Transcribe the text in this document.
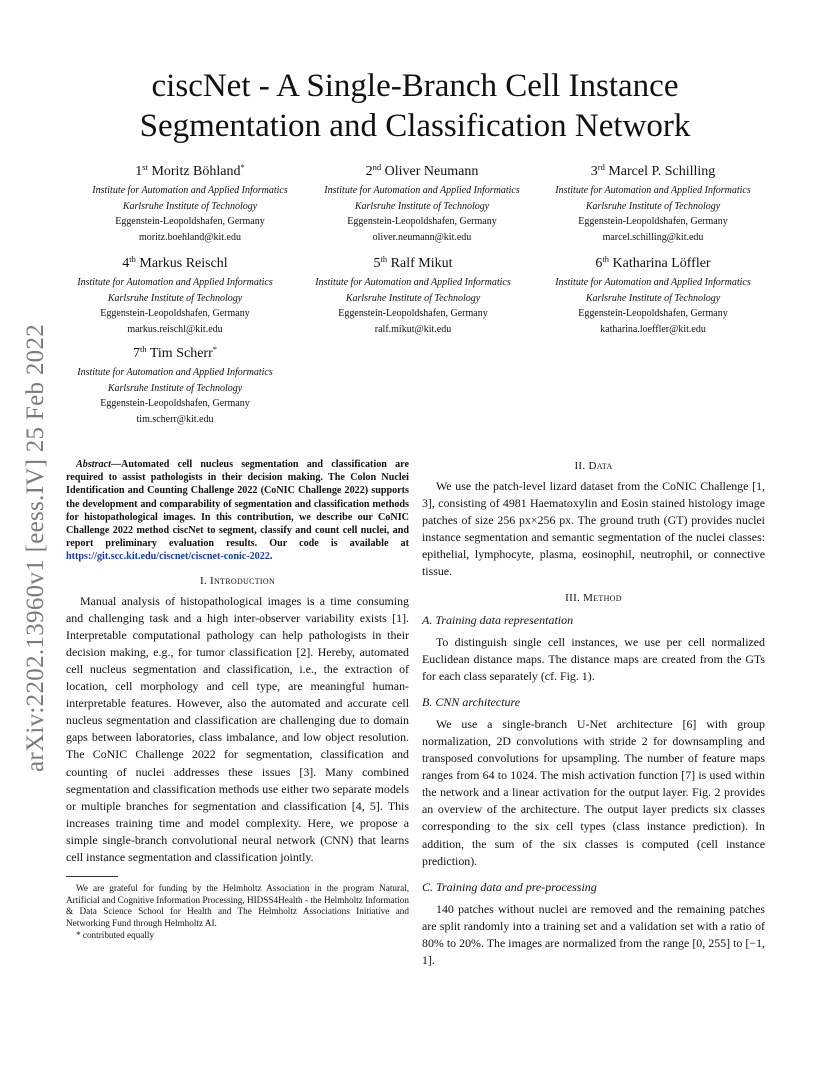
arXiv:2202.13960v1 [eess.IV] 25 Feb 2022
ciscNet - A Single-Branch Cell Instance
Segmentation and Classification Network
1st Moritz Böhland*
Institute for Automation and Applied Informatics
Karlsruhe Institute of Technology
Eggenstein-Leopoldshafen, Germany
moritz.boehland@kit.edu
2nd Oliver Neumann
Institute for Automation and Applied Informatics
Karlsruhe Institute of Technology
Eggenstein-Leopoldshafen, Germany
oliver.neumann@kit.edu
3rd Marcel P. Schilling
Institute for Automation and Applied Informatics
Karlsruhe Institute of Technology
Eggenstein-Leopoldshafen, Germany
marcel.schilling@kit.edu
4th Markus Reischl
Institute for Automation and Applied Informatics
Karlsruhe Institute of Technology
Eggenstein-Leopoldshafen, Germany
markus.reischl@kit.edu
5th Ralf Mikut
Institute for Automation and Applied Informatics
Karlsruhe Institute of Technology
Eggenstein-Leopoldshafen, Germany
ralf.mikut@kit.edu
6th Katharina Löffler
Institute for Automation and Applied Informatics
Karlsruhe Institute of Technology
Eggenstein-Leopoldshafen, Germany
katharina.loeffler@kit.edu
7th Tim Scherr*
Institute for Automation and Applied Informatics
Karlsruhe Institute of Technology
Eggenstein-Leopoldshafen, Germany
tim.scherr@kit.edu

Abstract—Automated cell nucleus segmentation and classification are required to assist pathologists in their decision making. The Colon Nuclei Identification and Counting Challenge 2022 (CoNIC Challenge 2022) supports the development and comparability of segmentation and classification methods for histopathological images. In this contribution, we describe our CoNIC Challenge 2022 method ciscNet to segment, classify and count cell nuclei, and report preliminary evaluation results. Our code is available at https://git.scc.kit.edu/ciscnet/ciscnet-conic-2022.

I. Introduction

Manual analysis of histopathological images is a time consuming and challenging task and a high inter-observer variability exists [1]. Interpretable computational pathology can help pathologists in their decision making, e.g., for tumor classification [2]. Hereby, automated cell nucleus segmentation and classification, i.e., the extraction of location, cell morphology and cell type, are meaningful human-interpretable features. However, also the automated and accurate cell nucleus segmentation and classification are challenging due to domain gaps between laboratories, class imbalance, and low object resolution. The CoNIC Challenge 2022 for segmentation, classification and counting of nuclei addresses these issues [3]. Many combined segmentation and classification methods use either two separate models or multiple branches for segmentation and classification [4, 5]. This increases training time and model complexity. Here, we propose a simple single-branch convolutional neural network (CNN) that learns cell instance segmentation and classification jointly.

We are grateful for funding by the Helmholtz Association in the program Natural, Artificial and Cognitive Information Processing, HIDSS4Health - the Helmholtz Information & Data Science School for Health and The Helmholtz Associations Initiative and Networking Fund through Helmholtz AI.

* contributed equally

II. Data

We use the patch-level lizard dataset from the CoNIC Challenge [1, 3], consisting of 4981 Haematoxylin and Eosin stained histology image patches of size 256 px×256 px. The ground truth (GT) provides nuclei instance segmentation and semantic segmentation of the nuclei classes: epithelial, lymphocyte, plasma, eosinophil, neutrophil, or connective tissue.

III. Method
A. Training data representation

To distinguish single cell instances, we use per cell normalized Euclidean distance maps. The distance maps are created from the GTs for each class separately (cf. Fig. 1).

B. CNN architecture

We use a single-branch U-Net architecture [6] with group normalization, 2D convolutions with stride 2 for downsampling and transposed convolutions for upsampling. The number of feature maps ranges from 64 to 1024. The mish activation function [7] is used within the network and a linear activation for the output layer. Fig. 2 provides an overview of the architecture. The output layer predicts six classes corresponding to the six cell types (class instance prediction). In addition, the sum of the six classes is computed (cell instance prediction).

C. Training data and pre-processing

140 patches without nuclei are removed and the remaining patches are split randomly into a training set and a validation set with a ratio of 80% to 20%. The images are normalized from the range [0, 255] to [−1, 1].
